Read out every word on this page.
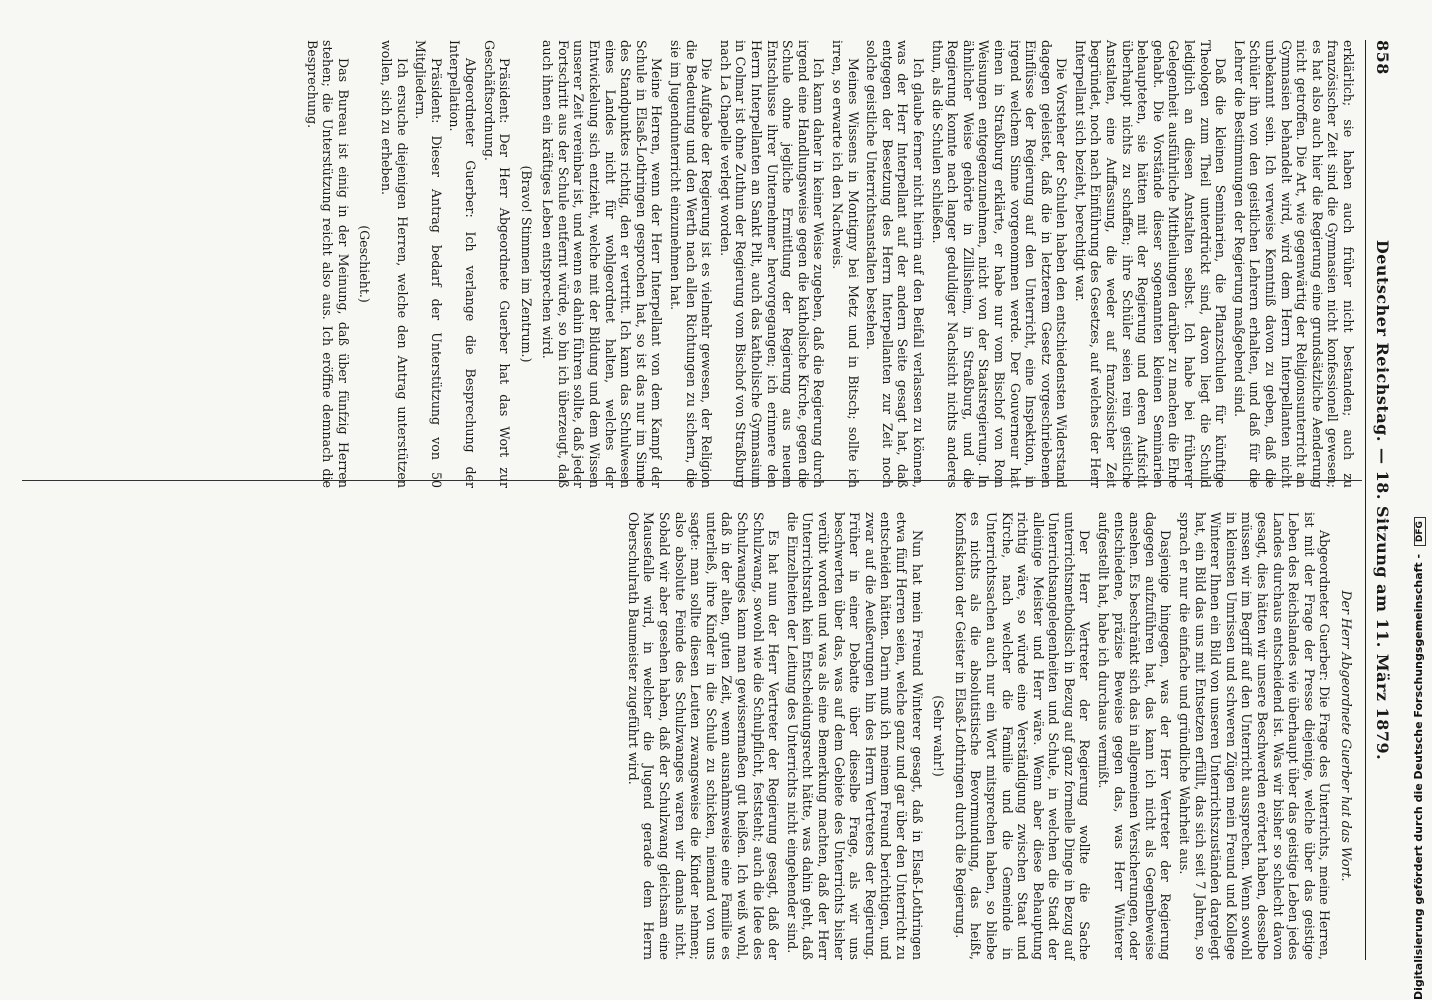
858
Deutscher Reichstag. — 18. Sitzung am 11. März 1879.

erklärlich; sie haben auch früher nicht bestanden; auch zu französischer Zeit sind die Gymnasien nicht konfessionell gewesen; es hat also auch hier die Regierung eine grundsätzliche Aenderung nicht getroffen. Die Art, wie gegenwärtig der Religionsunterricht an Gymnasien behandelt wird, wird dem Herrn Interpellanten nicht unbekannt sein. Ich verweise Kenntniß davon zu geben, daß die Schüler ihn von den geistlichen Lehrern erhalten, und daß für die Lehrer die Bestimmungen der Regierung maßgebend sind.

Daß die kleinen Seminarien, die Pflanzschulen für künftige Theologen zum Theil unterdrückt sind, davon liegt die Schuld lediglich an diesen Anstalten selbst. Ich habe bei früherer Gelegenheit ausführliche Mittheilungen darüber zu machen die Ehre gehabt. Die Vorstände dieser sogenannten kleinen Seminarien behaupteten, sie hätten mit der Regierung und deren Aufsicht überhaupt nichts zu schaffen; ihre Schüler seien rein geistliche Anstalten, eine Auffassung, die weder auf französischer Zeit begründet, noch nach Einführung des Gesetzes, auf welches der Herr Interpellant sich bezieht, berechtigt war.

Die Vorsteher der Schulen haben den entschiedensten Widerstand dagegen geleistet, daß die in letzterem Gesetz vorgeschriebenen Einflüsse der Regierung auf den Unterricht, eine Inspektion, in irgend welchem Sinne vorgenommen werde. Der Gouverneur hat einen in Straßburg erklärte, er habe nur vom Bischof von Rom Weisungen entgegenzunehmen, nicht von der Staatsregierung. In ähnlicher Weise gehörte in Zillisheim, in Straßburg, und die Regierung konnte nach langer geduldiger Nachsicht nichts anderes thun, als die Schulen schließen.

Ich glaube ferner nicht hierin auf den Beifall verlassen zu können, was der Herr Interpellant auf der andern Seite gesagt hat, daß entgegen der Besetzung des Herrn Interpellanten zur Zeit noch solche geistliche Unterrichtsanstalten bestehen.

Meines Wissens in Montigny bei Metz und in Bitsch; sollte ich irren, so erwarte ich den Nachweis.

Ich kann daher in keiner Weise zugeben, daß die Regierung durch irgend eine Handlungsweise gegen die katholische Kirche, gegen die Schule ohne jegliche Ermittlung der Regierung aus neuem Entschlusse ihrer Unternehmer hervorgegangen; ich erinnere den Herrn Interpellanten an Sankt Pilt, auch das katholische Gymnasium in Colmar ist ohne Zuthun der Regierung vom Bischof von Straßburg nach La Chapelle verlegt worden.

Die Aufgabe der Regierung ist es vielmehr gewesen, der Religion die Bedeutung und den Werth nach allen Richtungen zu sichern, die sie im Jugendunterricht einzunehmen hat.

Meine Herren, wenn der Herr Interpellant von dem Kampf der Schule in Elsaß-Lothringen gesprochen hat, so ist das nur im Sinne des Standpunktes richtig, den er vertritt. Ich kann das Schulwesen eines Landes nicht für wohlgeordnet halten, welches der Entwickelung sich entzieht, welche mit der Bildung und dem Wissen unserer Zeit vereinbar ist, und wenn es dahin führen sollte, daß jeder Fortschritt aus der Schule entfernt würde, so bin ich überzeugt, daß auch ihnen ein kräftiges Leben entsprechen wird.

(Bravo! Stimmen im Zentrum.)

Präsident: Der Herr Abgeordnete Guerber hat das Wort zur Geschäftsordnung.

Abgeordneter Guerber: Ich verlange die Besprechung der Interpellation.

Präsident: Dieser Antrag bedarf der Unterstützung von 50 Mitgliedern.

Ich ersuche diejenigen Herren, welche den Antrag unterstützen wollen, sich zu erheben.

(Geschieht.)

Das Bureau ist einig in der Meinung, daß über fünfzig Herren stehen; die Unterstützung reicht also aus. Ich eröffne demnach die Besprechung.

Der Herr Abgeordnete Guerber hat das Wort.

Abgeordneter Guerber: Die Frage des Unterrichts, meine Herren, ist mit der Frage der Presse diejenige, welche über das geistige Leben des Reichslandes wie überhaupt über das geistige Leben jedes Landes durchaus entscheidend ist. Was wir bisher so schlecht davon gesagt, dies hätten wir unsere Beschwerden erörtert haben, desselbe müssen wir im Begriff auf den Unterricht aussprechen. Wenn sowohl in kleinsten Umrissen und schweren Zügen mein Freund und Kollege Winterer Ihnen ein Bild von unseren Unterrichtszuständen dargelegt hat, ein Bild das uns mit Entsetzen erfüllt, das sich seit 7 Jahren, so sprach er nur die einfache und gründliche Wahrheit aus.

Dasjenige hingegen, was der Herr Vertreter der Regierung dagegen aufzuführen hat, das kann ich nicht als Gegenbeweise ansehen. Es beschränkt sich das in allgemeinen Versicherungen, oder entschiedene, präzise Beweise gegen das, was Herr Winterer aufgestellt hat, habe ich durchaus vermißt.

Der Herr Vertreter der Regierung wollte die Sache unterrichtsmethodisch in Bezug auf ganz formelle Dinge in Bezug auf Unterrichtsangelegenheiten und Schule, in welchen die Stadt der alleinige Meister und Herr wäre. Wenn aber diese Behauptung richtig wäre, so würde eine Verständigung zwischen Staat und Kirche, nach welcher die Familie und die Gemeinde in Unterrichtssachen auch nur ein Wort mitsprechen haben, so bliebe es nichts als die absolutistische Bevormundung, das heißt, Konfiskation der Geister in Elsaß-Lothringen durch die Regierung.

(Sehr wahr!)

Nun hat mein Freund Winterer gesagt, daß in Elsaß-Lothringen etwa fünf Herren seien, welche ganz und gar über den Unterricht zu entscheiden hätten. Darin muß ich meinem Freund berichtigen, und zwar auf die Aeußerungen hin des Herrn Vertreters der Regierung. Früher in einer Debatte über dieselbe Frage, als wir uns beschwerten über das, was auf dem Gebiete des Unterrichts bisher verübt worden und was als eine Bemerkung machten, daß der Herr Unterrichtsrath kein Entscheidungsrecht hätte, was dahin geht, daß die Einzelheiten der Leitung des Unterrichts nicht eingehender sind.

Es hat nun der Herr Vertreter der Regierung gesagt, daß der Schulzwang, sowohl wie die Schulpflicht, feststeht; auch die Idee des Schulzwanges kann man gewissermaßen gut heißen. Ich weiß wohl, daß in der alten, guten Zeit, wenn ausnahmsweise eine Familie es unterließ, ihre Kinder in die Schule zu schicken, niemand von uns sagte: man sollte diesen Leuten zwangsweise die Kinder nehmen; also absolute Feinde des Schulzwanges waren wir damals nicht. Sobald wir aber gesehen haben, daß der Schulzwang gleichsam eine Mausefalle wird, in welcher die Jugend gerade dem Herrn Oberschulrath Baumeister zugeführt wird.	Digitalisierung gefördert durch die Deutsche Forschungsgemeinschaft - DFG
